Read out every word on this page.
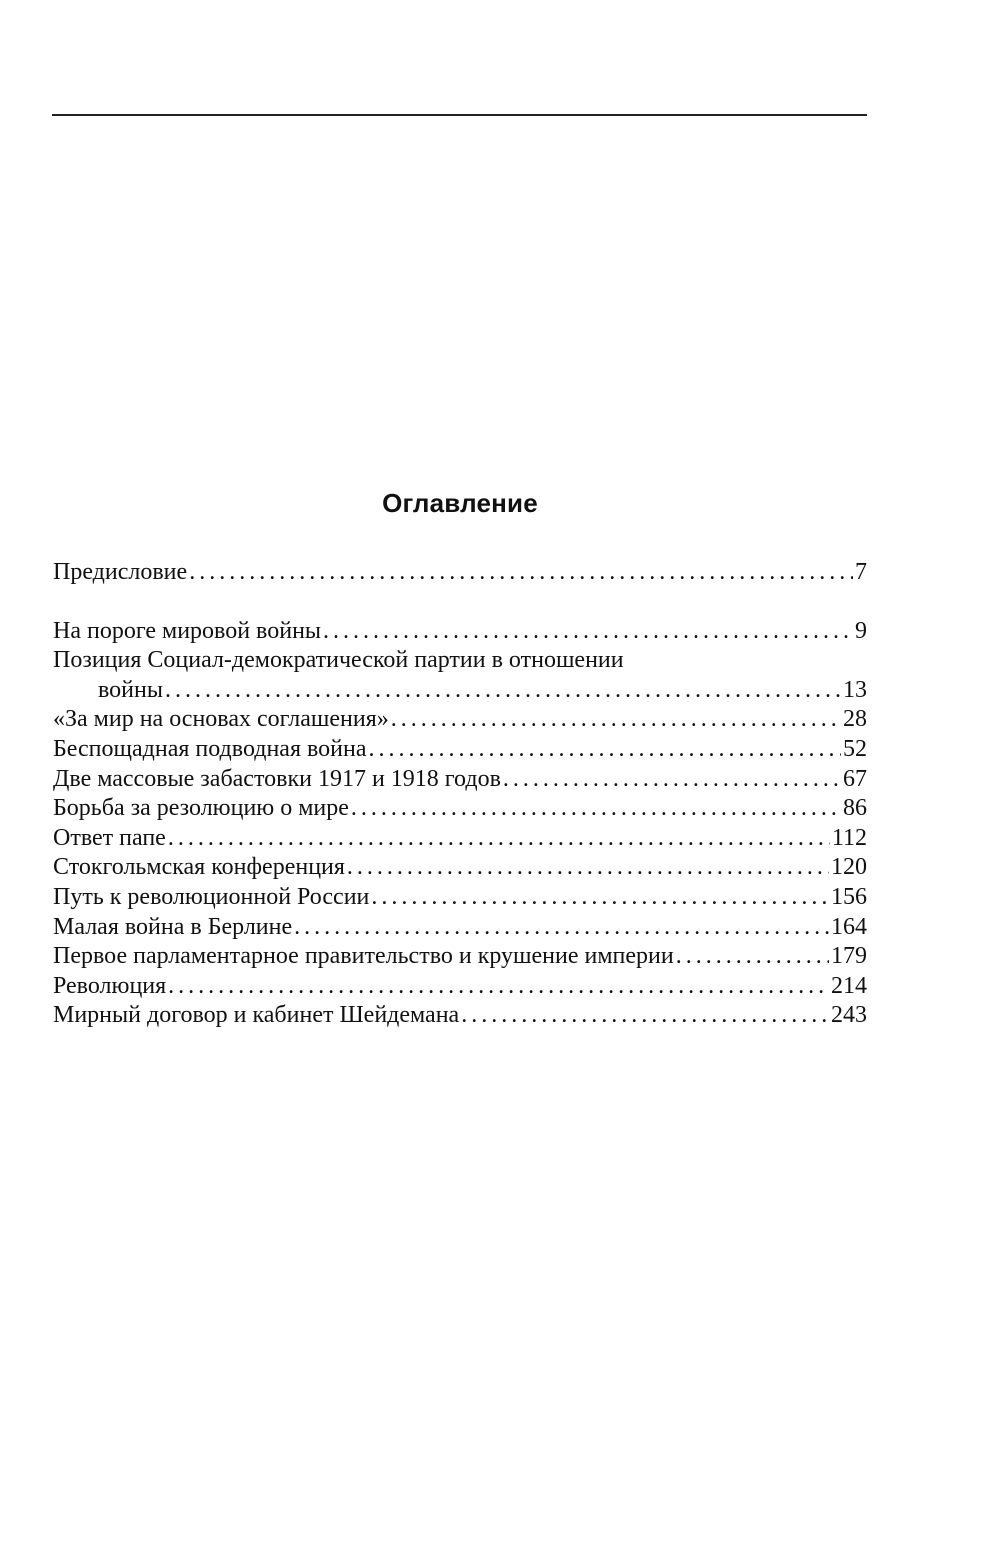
Оглавление
Предисловие . . .	7
На пороге мировой войны . . .	9
Позиция Социал-демократической партии в отношении
войны . . .	13
«За мир на основах соглашения» . . .	28
Беспощадная подводная война . . .	52
Две массовые забастовки 1917 и 1918 годов . . .	67
Борьба за резолюцию о мире . . .	86
Ответ папе . . .	112
Стокгольмская конференция . . .	120
Путь к революционной России . . .	156
Малая война в Берлине . . .	164
Первое парламентарное правительство и крушение империи . . .	179
Революция . . .	214
Мирный договор и кабинет Шейдемана . . .	243
